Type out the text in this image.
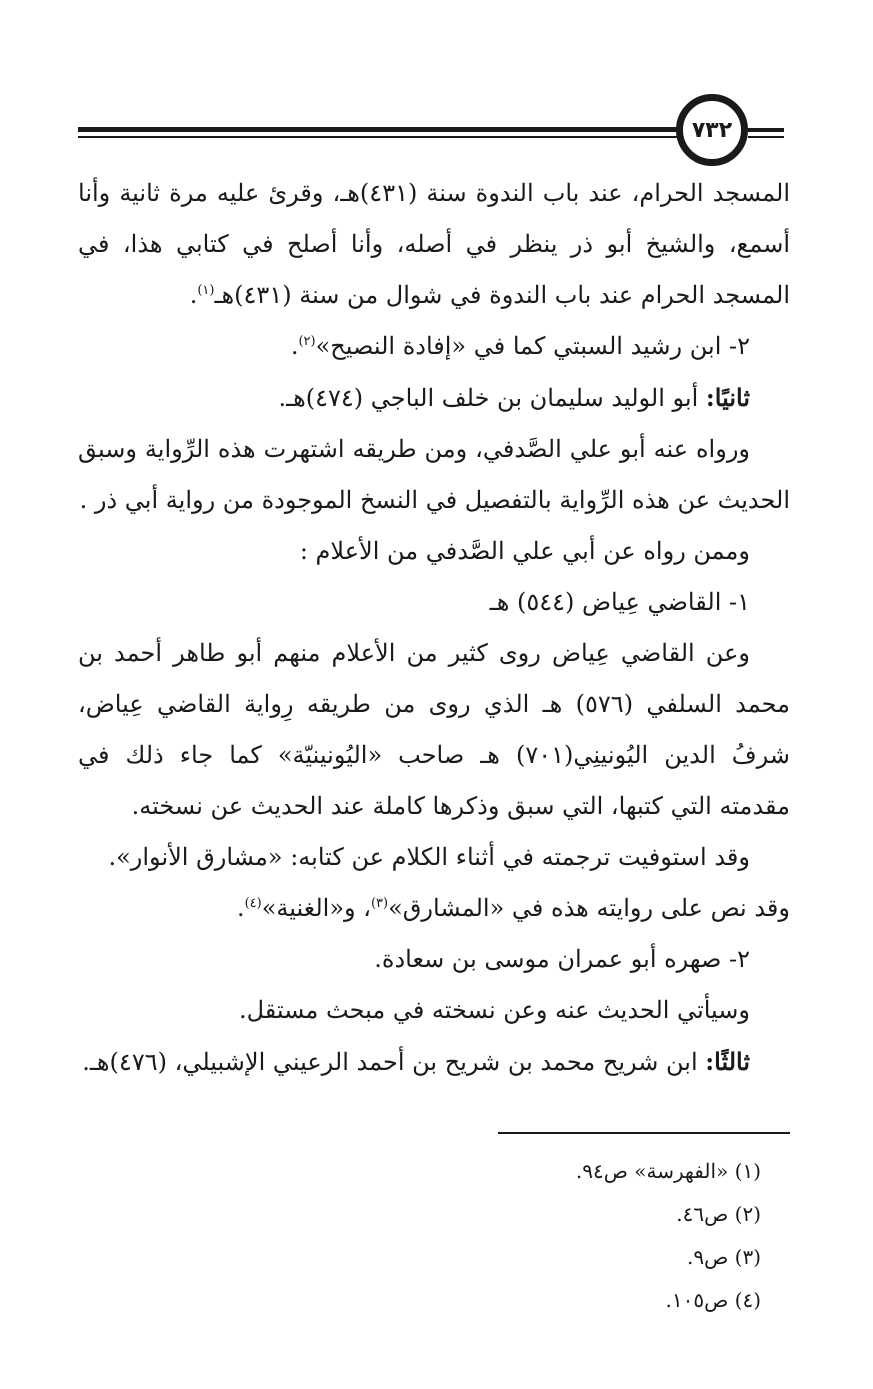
٧٣٢

المسجد الحرام، عند باب الندوة سنة (٤٣١)هـ، وقرئ عليه مرة ثانية وأنا أسمع، والشيخ أبو ذر ينظر في أصله، وأنا أصلح في كتابي هذا، في المسجد الحرام عند باب الندوة في شوال من سنة (٤٣١)هـ$^{(١)}$.

٢- ابن رشيد السبتي كما في «إفادة النصيح»$^{(٢)}$.

ثانيًا: أبو الوليد سليمان بن خلف الباجي (٤٧٤)هـ.

ورواه عنه أبو علي الصَّدفي، ومن طريقه اشتهرت هذه الرِّواية وسبق الحديث عن هذه الرِّواية بالتفصيل في النسخ الموجودة من رواية أبي ذر .

وممن رواه عن أبي علي الصَّدفي من الأعلام :

١- القاضي عِياض (٥٤٤) هـ

وعن القاضي عِياض روى كثير من الأعلام منهم أبو طاهر أحمد بن محمد السلفي (٥٧٦) هـ الذي روى من طريقه رِواية القاضي عِياض، شرفُ الدين اليُونينِي(٧٠١) هـ صاحب «اليُونينيّة» كما جاء ذلك في مقدمته التي كتبها، التي سبق وذكرها كاملة عند الحديث عن نسخته.

وقد استوفيت ترجمته في أثناء الكلام عن كتابه: «مشارق الأنوار».

وقد نص على روايته هذه في «المشارق»$^{(٣)}$، و«الغنية»$^{(٤)}$.

٢- صهره أبو عمران موسى بن سعادة.

وسيأتي الحديث عنه وعن نسخته في مبحث مستقل.

ثالثًا: ابن شريح محمد بن شريح بن أحمد الرعيني الإشبيلي، (٤٧٦)هـ.

(١) «الفهرسة» ص٩٤.

(٢) ص٤٦.

(٣) ص٩.

(٤) ص١٠٥.
